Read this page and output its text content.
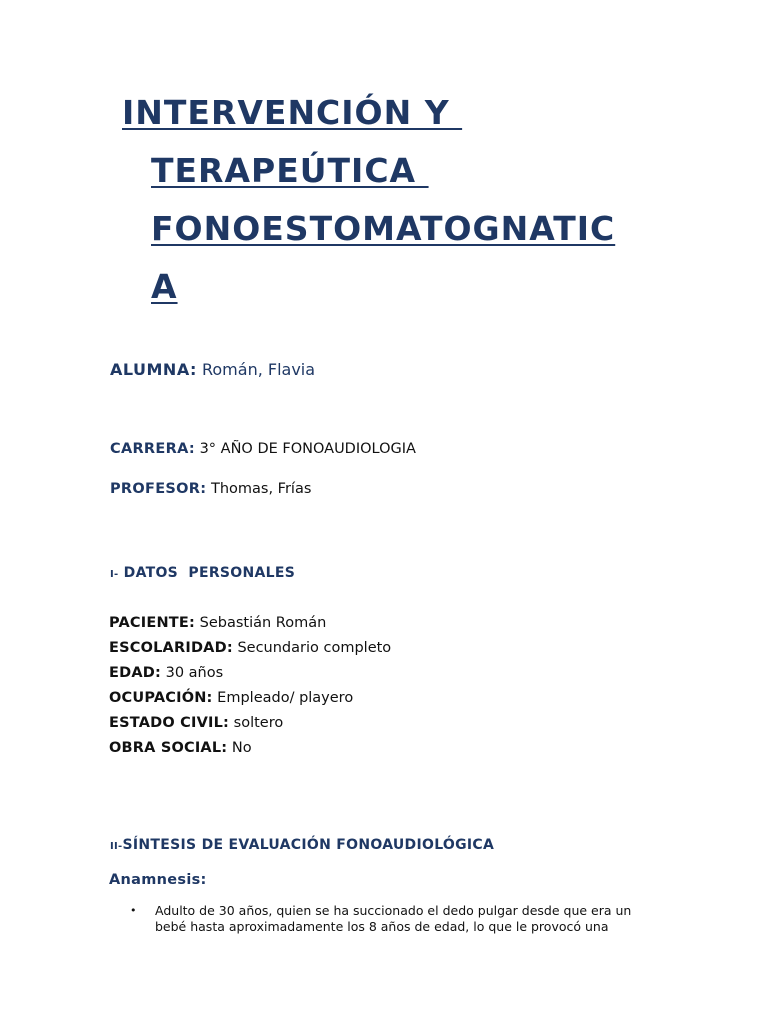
INTERVENCIÓN Y
TERAPEÚTICA
FONOESTOMATOGNATIC
A
ALUMNA: Román, Flavia
CARRERA: 3° AÑO DE FONOAUDIOLOGIA
PROFESOR: Thomas, Frías
I- DATOS  PERSONALES
PACIENTE: Sebastián Román
ESCOLARIDAD: Secundario completo
EDAD: 30 años
OCUPACIÓN: Empleado/ playero
ESTADO CIVIL: soltero
OBRA SOCIAL: No
II-SÍNTESIS DE EVALUACIÓN FONOAUDIOLÓGICA
Anamnesis:
• Adulto de 30 años, quien se ha succionado el dedo pulgar desde que era un
bebé hasta aproximadamente los 8 años de edad, lo que le provocó una
